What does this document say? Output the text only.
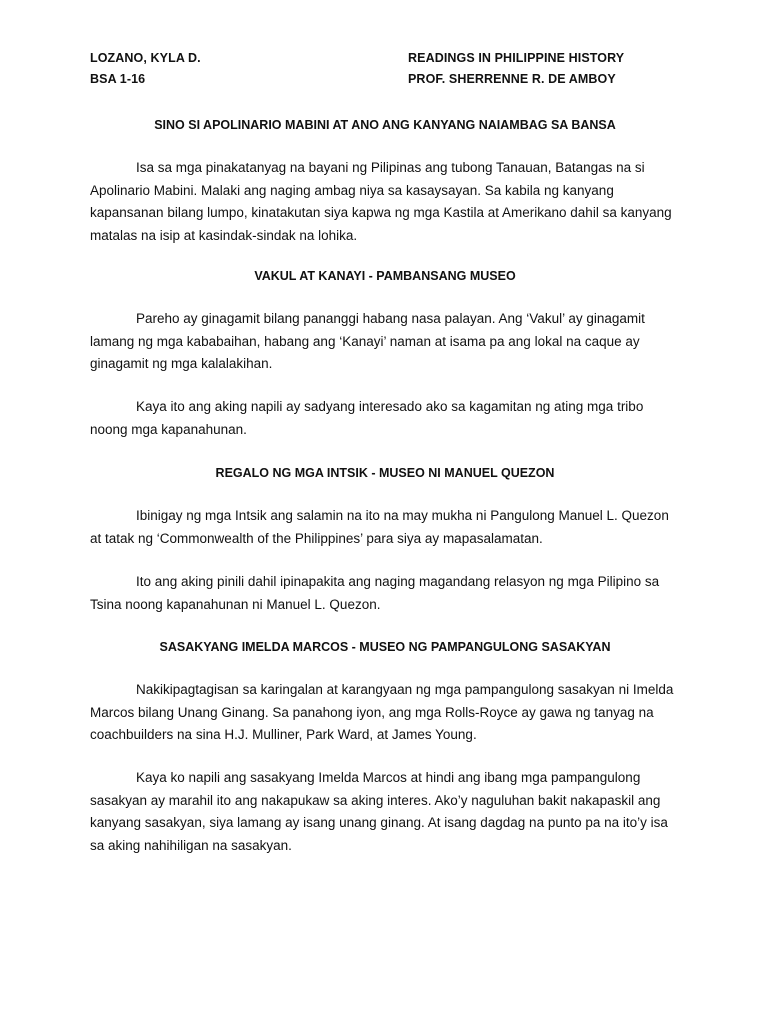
LOZANO, KYLA D.	READINGS IN PHILIPPINE HISTORY
BSA 1-16	PROF. SHERRENNE R. DE AMBOY
SINO SI APOLINARIO MABINI AT ANO ANG KANYANG NAIAMBAG SA BANSA
Isa sa mga pinakatanyag na bayani ng Pilipinas ang tubong Tanauan, Batangas na si Apolinario Mabini. Malaki ang naging ambag niya sa kasaysayan. Sa kabila ng kanyang kapansanan bilang lumpo, kinatakutan siya kapwa ng mga Kastila at Amerikano dahil sa kanyang matalas na isip at kasindak-sindak na lohika.
VAKUL AT KANAYI - PAMBANSANG MUSEO
Pareho ay ginagamit bilang pananggi habang nasa palayan. Ang ‘Vakul’ ay ginagamit lamang ng mga kababaihan, habang ang ‘Kanayi’ naman at isama pa ang lokal na caque ay ginagamit ng mga kalalakihan.
Kaya ito ang aking napili ay sadyang interesado ako sa kagamitan ng ating mga tribo noong mga kapanahunan.
REGALO NG MGA INTSIK - MUSEO NI MANUEL QUEZON
Ibinigay ng mga Intsik ang salamin na ito na may mukha ni Pangulong Manuel L. Quezon at tatak ng ‘Commonwealth of the Philippines’ para siya ay mapasalamatan.
Ito ang aking pinili dahil ipinapakita ang naging magandang relasyon ng mga Pilipino sa Tsina noong kapanahunan ni Manuel L. Quezon.
SASAKYANG IMELDA MARCOS - MUSEO NG PAMPANGULONG SASAKYAN
Nakikipagtagisan sa karingalan at karangyaan ng mga pampangulong sasakyan ni Imelda Marcos bilang Unang Ginang. Sa panahong iyon, ang mga Rolls-Royce ay gawa ng tanyag na coachbuilders na sina H.J. Mulliner, Park Ward, at James Young.
Kaya ko napili ang sasakyang Imelda Marcos at hindi ang ibang mga pampangulong sasakyan ay marahil ito ang nakapukaw sa aking interes. Ako’y naguluhan bakit nakapaskil ang kanyang sasakyan, siya lamang ay isang unang ginang. At isang dagdag na punto pa na ito’y isa sa aking nahihiligan na sasakyan.
